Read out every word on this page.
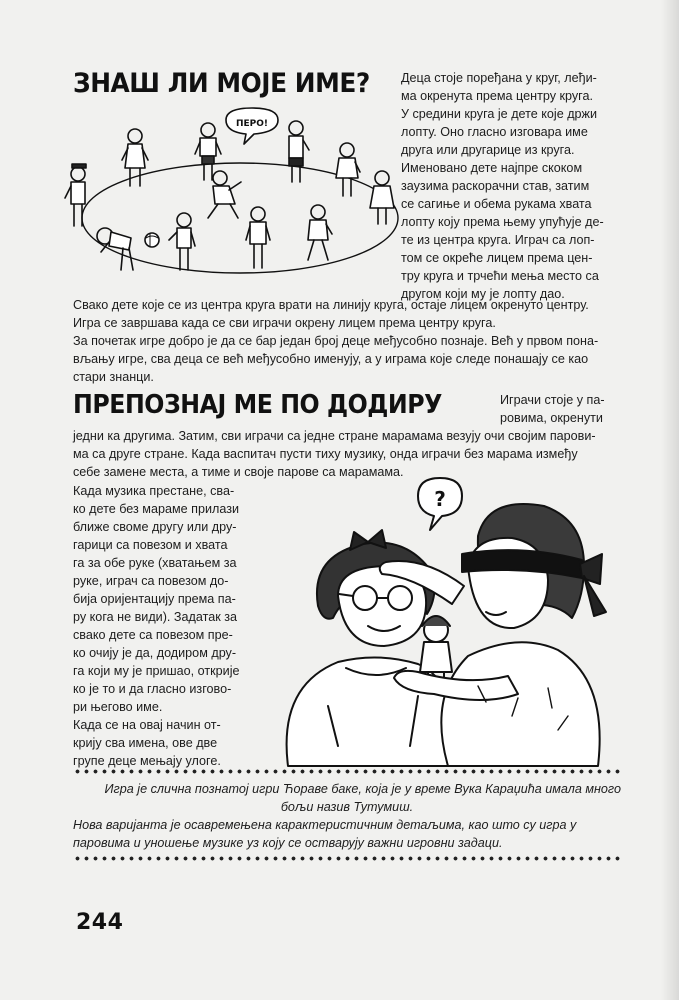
ЗНАШ ЛИ МОЈЕ ИМЕ?
ПЕРО!
Деца стоје поређана у круг, леђи-
ма окренута према центру круга.
У средини круга је дете које држи
лопту. Оно гласно изговара име
друга или другарице из круга.
Именовано дете најпре скоком
заузима раскорачни став, затим
се сагиње и обема рукама хвата
лопту коју према њему упућује де-
те из центра круга. Играч са лоп-
том се окреће лицем према цен-
тру круга и трчећи мења место са
другом који му је лопту дао.
Свако дете које се из центра круга врати на линију круга, остаје лицем окренуто центру.
Игра се завршава када се сви играчи окрену лицем према центру круга.
За почетак игре добро је да се бар један број деце међусобно познаје. Већ у првом пона-
вљању игре, сва деца се већ међусобно именују, а у играма које следе понашају се као
стари знанци.
ПРЕПОЗНАЈ МЕ ПО ДОДИРУ	Играчи стоје у па-
ровима, окренути
једни ка другима. Затим, сви играчи са једне стране марамама везују очи својим парови-
ма са друге стране. Када васпитач пусти тиху музику, онда играчи без марама између
себе замене места, а тиме и своје парове са марамама.
Када музика престане, сва-
ко дете без мараме прилази
ближе своме другу или дру-
гарици са повезом и хвата
га за обе руке (хватањем за
руке, играч са повезом до-
бија оријентацију према па-
ру кога не види). Задатак за
свако дете са повезом пре-
ко очију је да, додиром дру-
га који му је пришао, открије
ко је то и да гласно изгово-
ри његово име.
Када се на овај начин от-
крију сва имена, ове две
групе деце мењају улоге.
?
Игра је слична познатој игри Ћораве баке, која је у време Вука Караџића имала много
бољи назив Тутумиш.
Нова варијанта је осавремењена карактеристичним детаљима, као што су игра у
паровима и уношење музике уз коју се остварују важни игровни задаци.
244
